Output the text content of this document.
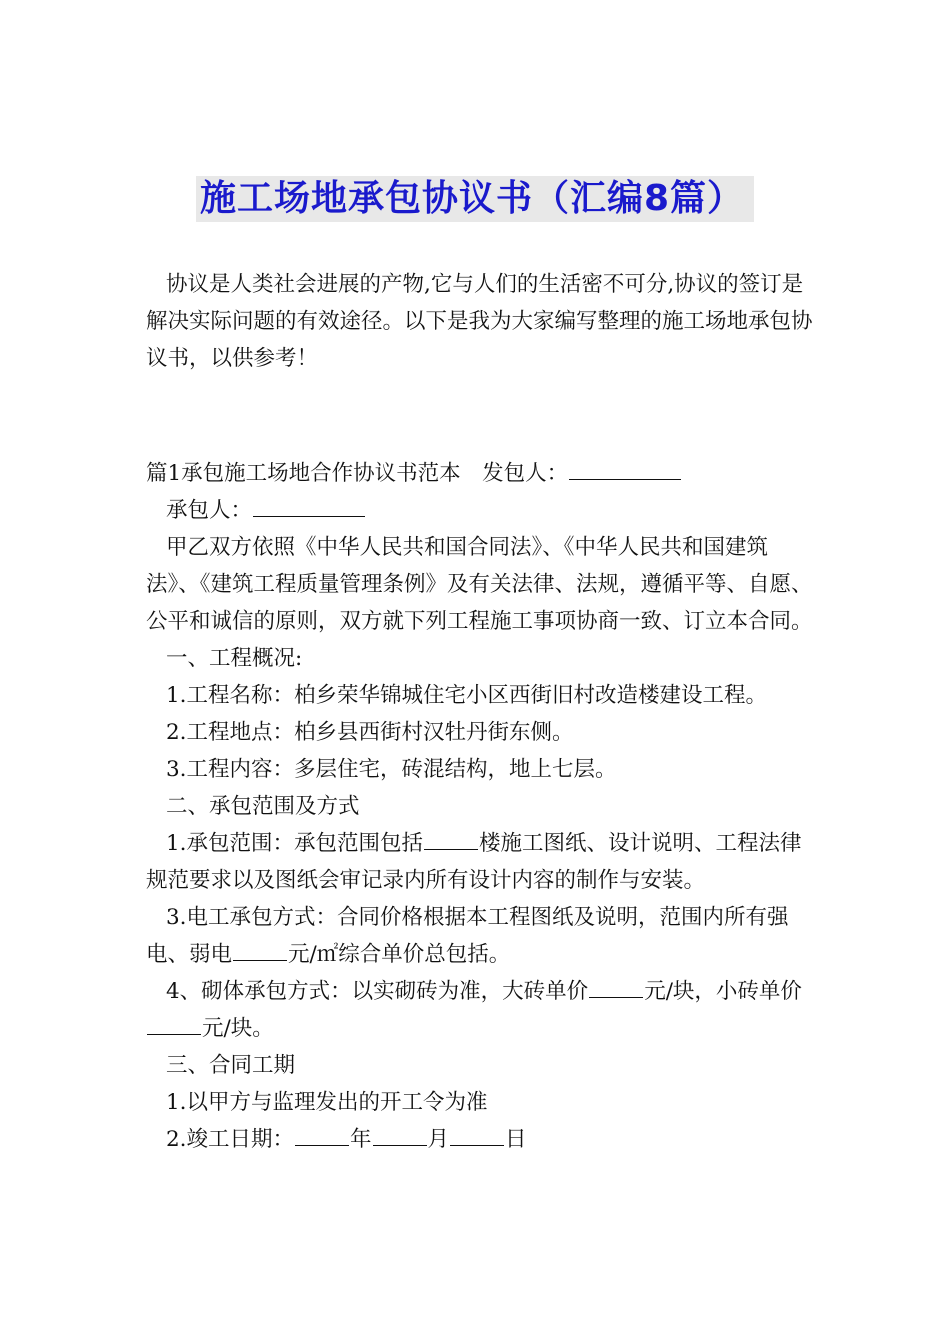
施工场地承包协议书（汇编8篇）

协议是人类社会进展的产物,它与人们的生活密不可分,协议的签订是解决实际问题的有效途径。以下是我为大家编写整理的施工场地承包协议书，以供参考！

篇1承包施工场地合作协议书范本　发包人：

承包人：

甲乙双方依照《中华人民共和国合同法》、《中华人民共和国建筑法》、《建筑工程质量管理条例》及有关法律、法规，遵循平等、自愿、公平和诚信的原则，双方就下列工程施工事项协商一致、订立本合同。

一、工程概况:

1.工程名称：柏乡荣华锦城住宅小区西街旧村改造楼建设工程。

2.工程地点：柏乡县西街村汉牡丹街东侧。

3.工程内容：多层住宅，砖混结构，地上七层。

二、承包范围及方式

1.承包范围：承包范围包括	楼施工图纸、设计说明、工程法律规范要求以及图纸会审记录内所有设计内容的制作与安装。

3.电工承包方式：合同价格根据本工程图纸及说明，范围内所有强电、弱电	元/㎡综合单价总包括。

4、砌体承包方式：以实砌砖为准，大砖单价	元/块，小砖单价元/块。

三、合同工期

1.以甲方与监理发出的开工令为准

2.竣工日期：	年	月	日
